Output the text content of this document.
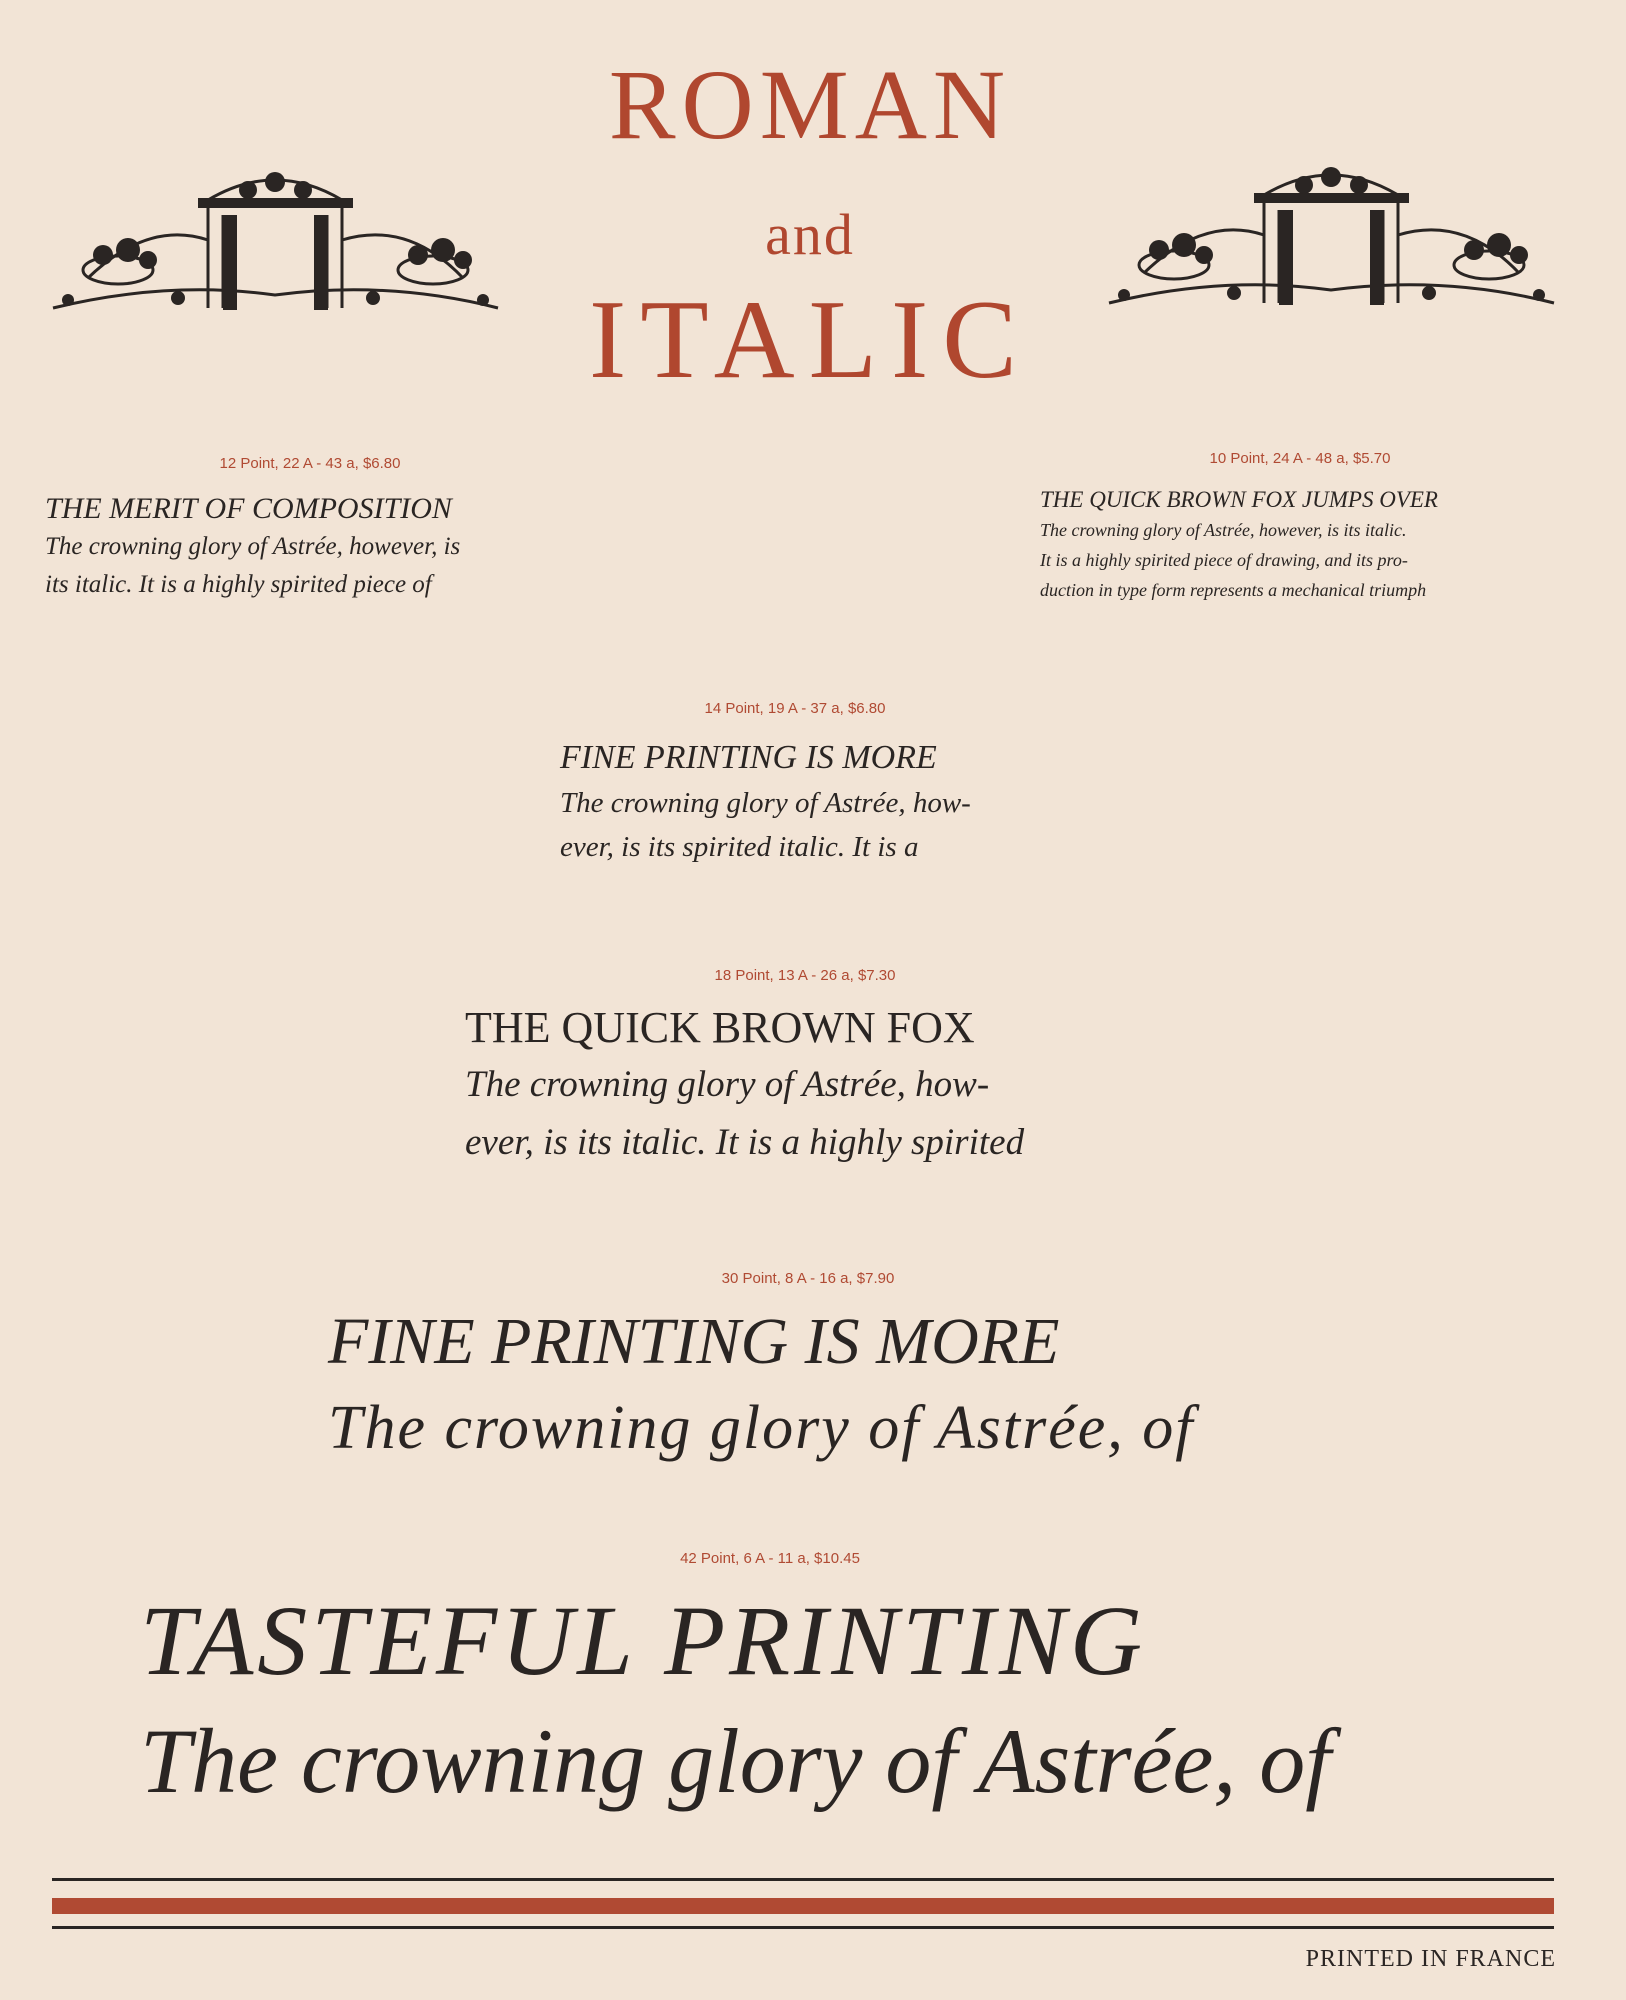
ROMAN
and
ITALIC
12 Point, 22 A - 43 a, $6.80
THE MERIT OF COMPOSITION
The crowning glory of Astrée, however, is
its italic. It is a highly spirited piece of
10 Point, 24 A - 48 a, $5.70
THE QUICK BROWN FOX JUMPS OVER
The crowning glory of Astrée, however, is its italic.
It is a highly spirited piece of drawing, and its pro-
duction in type form represents a mechanical triumph
14 Point, 19 A - 37 a, $6.80
FINE PRINTING IS MORE
The crowning glory of Astrée, how-
ever, is its spirited italic. It is a
18 Point, 13 A - 26 a, $7.30
THE QUICK BROWN FOX
The crowning glory of Astrée, how-
ever, is its italic. It is a highly spirited
30 Point, 8 A - 16 a, $7.90
FINE PRINTING IS MORE
The crowning glory of Astrée, of
42 Point, 6 A - 11 a, $10.45
TASTEFUL PRINTING
The crowning glory of Astrée, of
PRINTED IN FRANCE
